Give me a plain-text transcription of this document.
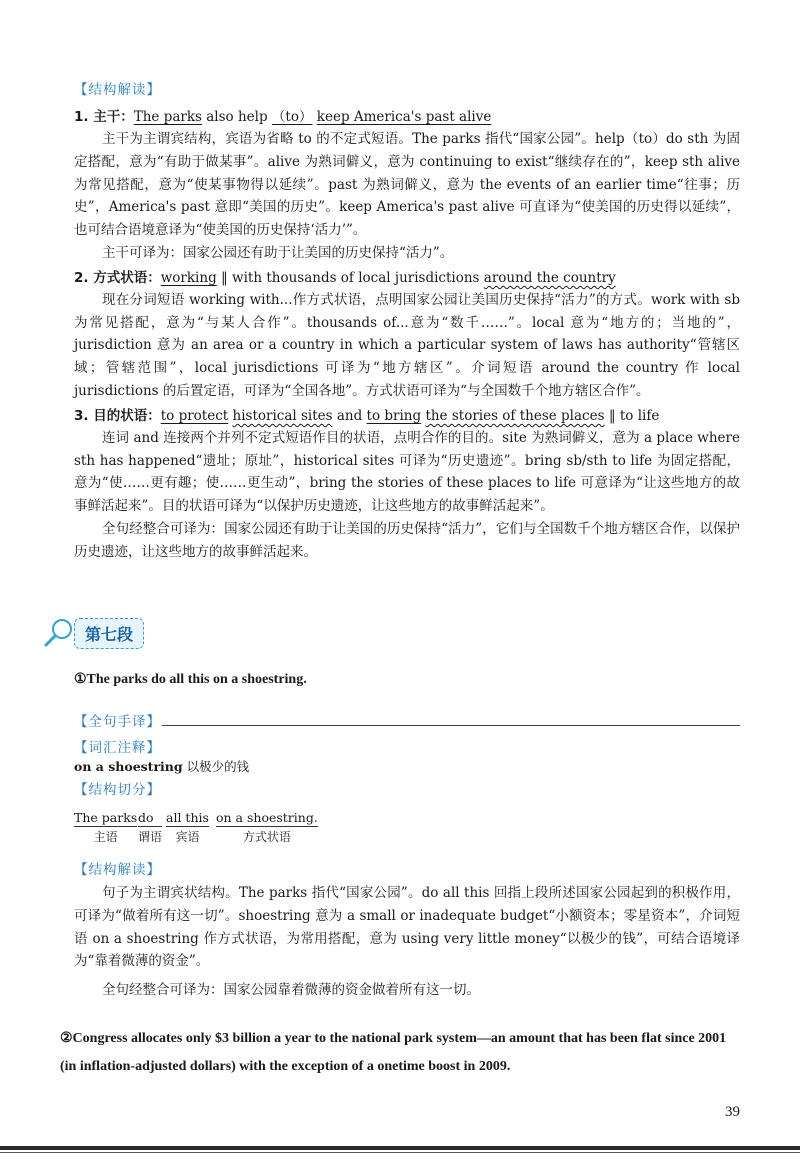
【结构解读】

1. 主干：The parks also help （to） keep America's past alive

主干为主谓宾结构，宾语为省略 to 的不定式短语。The parks 指代“国家公园”。help（to）do sth 为固定搭配，意为“有助于做某事”。alive 为熟词僻义，意为 continuing to exist“继续存在的”，keep sth alive 为常见搭配，意为“使某事物得以延续”。past 为熟词僻义，意为 the events of an earlier time“往事；历史”，America's past 意即“美国的历史”。keep America's past alive 可直译为“使美国的历史得以延续”，也可结合语境意译为“使美国的历史保持‘活力’”。

主干可译为：国家公园还有助于让美国的历史保持“活力”。

2. 方式状语：working ‖ with thousands of local jurisdictions around the country

现在分词短语 working with...作方式状语，点明国家公园让美国历史保持“活力”的方式。work with sb 为常见搭配，意为“与某人合作”。thousands of...意为“数千……”。local 意为“地方的；当地的”，jurisdiction 意为 an area or a country in which a particular system of laws has authority“管辖区域；管辖范围”，local jurisdictions 可译为“地方辖区”。介词短语 around the country 作 local jurisdictions 的后置定语，可译为“全国各地”。方式状语可译为“与全国数千个地方辖区合作”。

3. 目的状语：to protect historical sites and to bring the stories of these places ‖ to life

连词 and 连接两个并列不定式短语作目的状语，点明合作的目的。site 为熟词僻义，意为 a place where sth has happened“遗址；原址”，historical sites 可译为“历史遗迹”。bring sb/sth to life 为固定搭配，意为“使……更有趣；使……更生动”，bring the stories of these places to life 可意译为“让这些地方的故事鲜活起来”。目的状语可译为“以保护历史遗迹，让这些地方的故事鲜活起来”。

全句经整合可译为：国家公园还有助于让美国的历史保持“活力”，它们与全国数千个地方辖区合作，以保护历史遗迹，让这些地方的故事鲜活起来。

第七段

①The parks do all this on a shoestring.

【全句手译】
【词汇注释】
on a shoestring 以极少的钱
【结构切分】
The parks
主语
do
谓语
all this
宾语
on a shoestring.
方式状语
【结构解读】

句子为主谓宾状结构。The parks 指代“国家公园”。do all this 回指上段所述国家公园起到的积极作用，可译为“做着所有这一切”。shoestring 意为 a small or inadequate budget“小额资本；零星资本”，介词短语 on a shoestring 作方式状语，为常用搭配，意为 using very little money“以极少的钱”，可结合语境译为“靠着微薄的资金”。

全句经整合可译为：国家公园靠着微薄的资金做着所有这一切。

②Congress allocates only $3 billion a year to the national park system—an amount that has been flat since 2001 (in inflation-adjusted dollars) with the exception of a onetime boost in 2009.

39
